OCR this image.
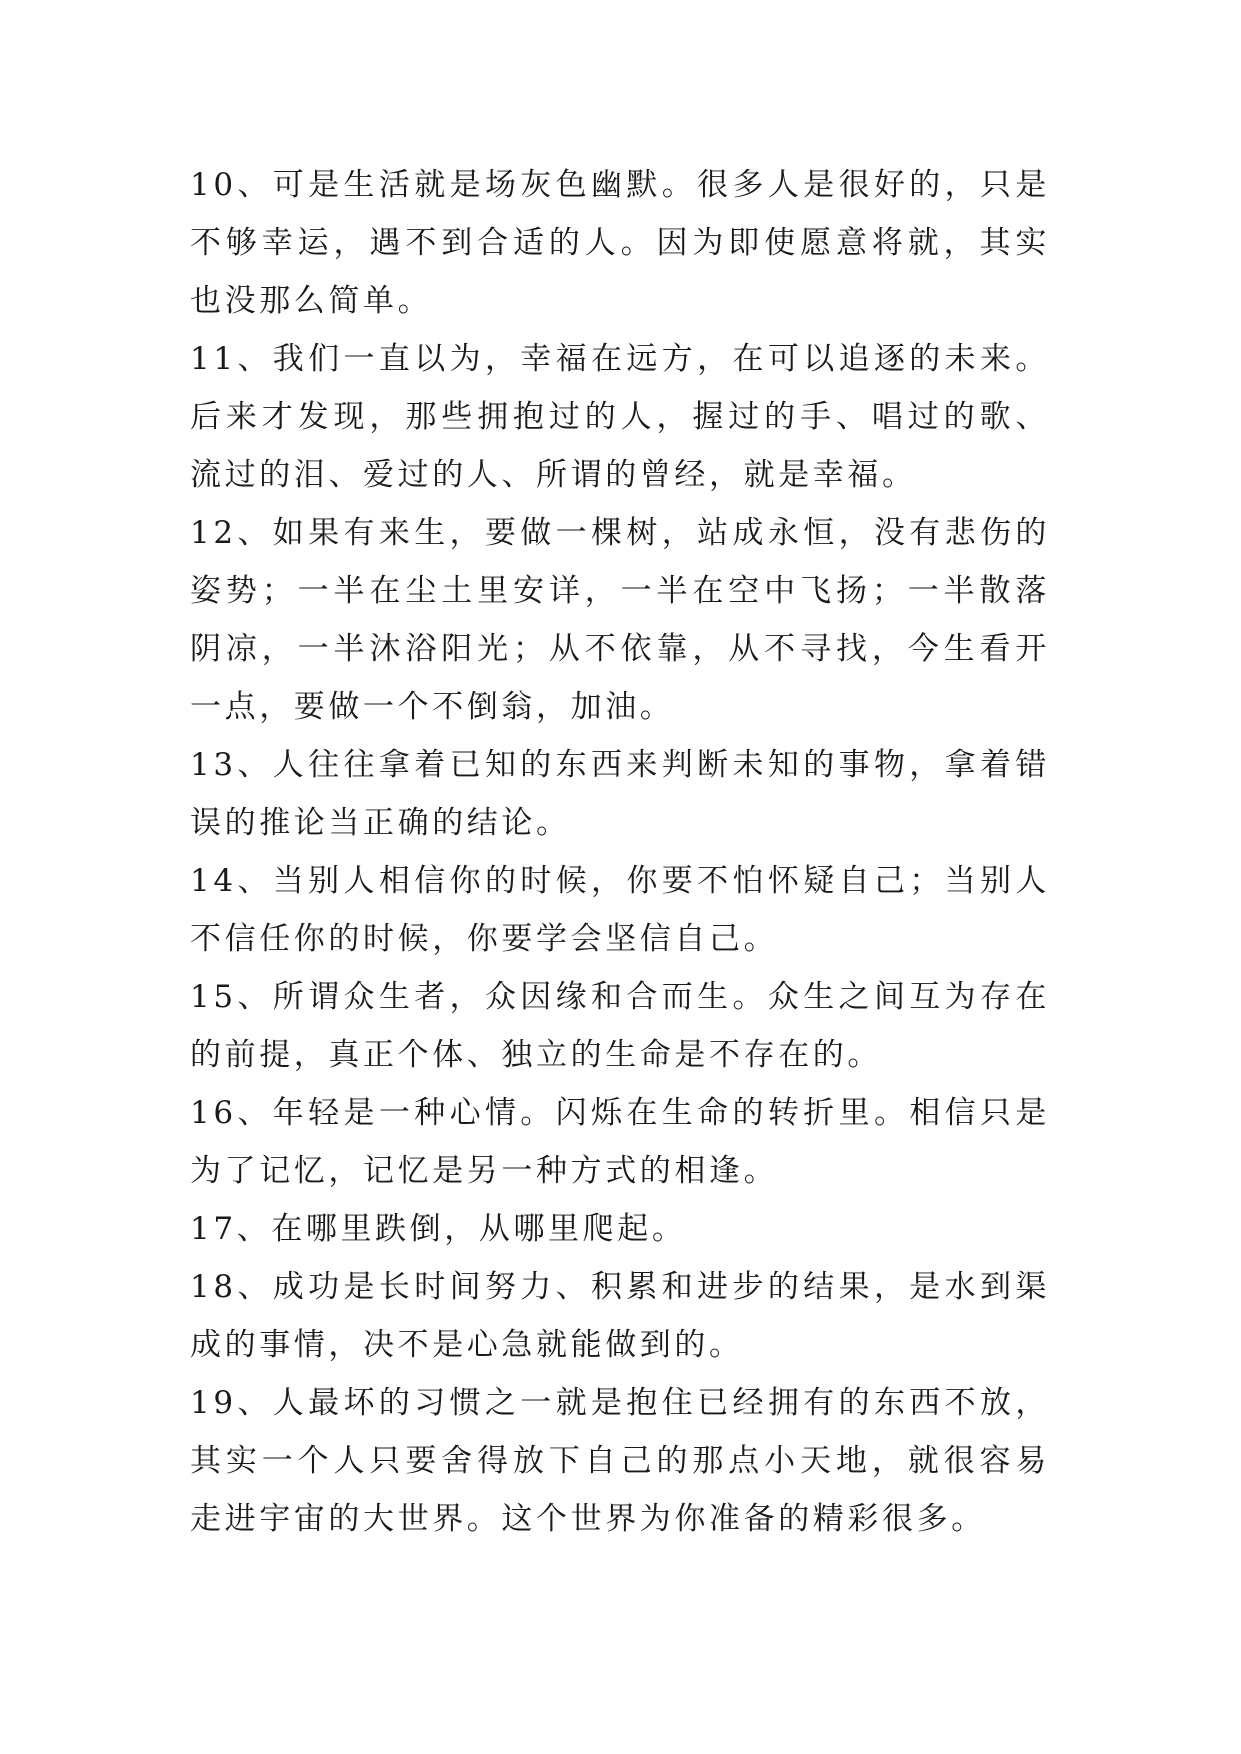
10、可是生活就是场灰色幽默。很多人是很好的，只是不够幸运，遇不到合适的人。因为即使愿意将就，其实也没那么简单。

11、我们一直以为，幸福在远方，在可以追逐的未来。后来才发现，那些拥抱过的人，握过的手、唱过的歌、流过的泪、爱过的人、所谓的曾经，就是幸福。

12、如果有来生，要做一棵树，站成永恒，没有悲伤的姿势；一半在尘土里安详，一半在空中飞扬；一半散落阴凉，一半沐浴阳光；从不依靠，从不寻找，今生看开一点，要做一个不倒翁，加油。

13、人往往拿着已知的东西来判断未知的事物，拿着错误的推论当正确的结论。

14、当别人相信你的时候，你要不怕怀疑自己；当别人不信任你的时候，你要学会坚信自己。

15、所谓众生者，众因缘和合而生。众生之间互为存在的前提，真正个体、独立的生命是不存在的。

16、年轻是一种心情。闪烁在生命的转折里。相信只是为了记忆，记忆是另一种方式的相逢。

17、在哪里跌倒，从哪里爬起。

18、成功是长时间努力、积累和进步的结果，是水到渠成的事情，决不是心急就能做到的。

19、人最坏的习惯之一就是抱住已经拥有的东西不放，其实一个人只要舍得放下自己的那点小天地，就很容易走进宇宙的大世界。这个世界为你准备的精彩很多。
